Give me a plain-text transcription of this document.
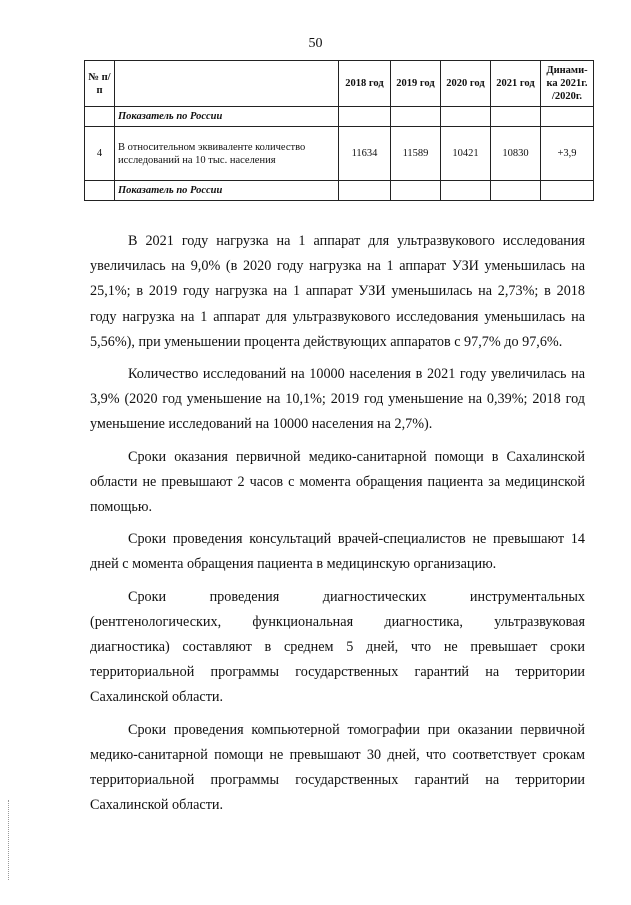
50
№ п/п		2018 год	2019 год	2020 год	2021 год	Динами-ка 2021г. /2020г.
	Показатель по России					
4	В относительном эквиваленте количество исследований на 10 тыс. населения	11634	11589	10421	10830	+3,9
	Показатель по России					

В 2021 году нагрузка на 1 аппарат для ультразвукового исследования увеличилась на 9,0% (в 2020 году нагрузка на 1 аппарат УЗИ уменьшилась на 25,1%; в 2019 году нагрузка на 1 аппарат УЗИ уменьшилась на 2,73%; в 2018 году нагрузка на 1 аппарат для ультразвукового исследования уменьшилась на 5,56%), при уменьшении процента действующих аппаратов с 97,7% до 97,6%.

Количество исследований на 10000 населения в 2021 году увеличилась на 3,9% (2020 год уменьшение на 10,1%; 2019 год уменьшение на 0,39%; 2018 год уменьшение исследований на 10000 населения на 2,7%).

Сроки оказания первичной медико-санитарной помощи в Сахалинской области не превышают 2 часов с момента обращения пациента за медицинской помощью.

Сроки проведения консультаций врачей-специалистов не превышают 14 дней с момента обращения пациента в медицинскую организацию.

Сроки проведения диагностических инструментальных (рентгенологических, функциональная диагностика, ультразвуковая диагностика) составляют в среднем 5 дней, что не превышает сроки территориальной программы государственных гарантий на территории Сахалинской области.

Сроки проведения компьютерной томографии при оказании первичной медико-санитарной помощи не превышают 30 дней, что соответствует срокам территориальной программы государственных гарантий на территории Сахалинской области.
